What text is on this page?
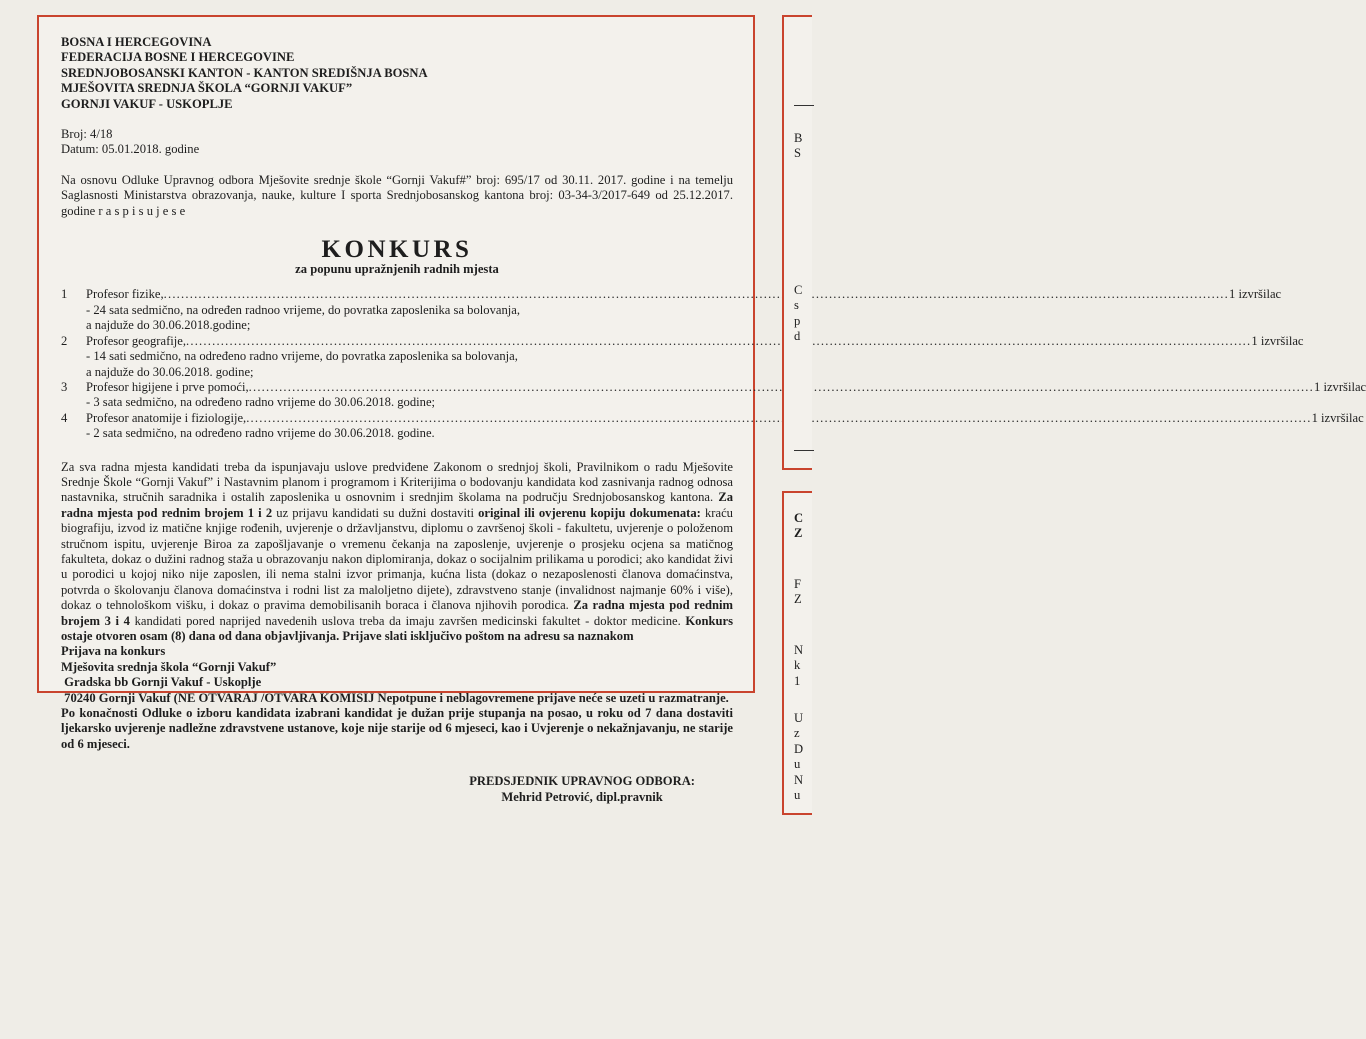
BOSNA I HERCEGOVINA

FEDERACIJA BOSNE I HERCEGOVINE

SREDNJOBOSANSKI KANTON - KANTON SREDIŠNJA BOSNA

MJEŠOVITA SREDNJA ŠKOLA “GORNJI VAKUF”

GORNJI VAKUF - USKOPLJE

Broj: 4/18
Datum: 05.01.2018. godine
Na osnovu Odluke Upravnog odbora Mješovite srednje škole “Gornji Vakuf#” broj: 695/17 od 30.11. 2017. godine i na temelju Saglasnosti Ministarstva obrazovanja, nauke, kulture I sporta Srednjobosanskog kantona broj: 03-34-3/2017-649 od 25.12.2017. godine r a s p i s u j e s e
KONKURS
za popunu upražnjenih radnih mjesta
1 Profesor fizike, .....	1 izvršilac
- 24 sata sedmično, na određen radnoo vrijeme, do povratka zaposlenika sa bolovanja,
a najduže do 30.06.2018.godine;
2 Profesor geografije, .....	1 izvršilac
- 14 sati sedmično, na određeno radno vrijeme, do povratka zaposlenika sa bolovanja,
a najduže do 30.06.2018. godine;
3 Profesor higijene i prve pomoći, .....	1 izvršilac
- 3 sata sedmično, na određeno radno vrijeme do 30.06.2018. godine;
4 Profesor anatomije i fiziologije, .....	1 izvršilac
- 2 sata sedmično, na određeno radno vrijeme do 30.06.2018. godine.
Za sva radna mjesta kandidati treba da ispunjavaju uslove predviđene Zakonom o srednjoj školi, Pravilnikom o radu Mješovite Srednje Škole “Gornji Vakuf” i Nastavnim planom i programom i Kriterijima o bodovanju kandidata kod zasnivanja radnog odnosa nastavnika, stručnih saradnika i ostalih zaposlenika u osnovnim i srednjim školama na području Srednjobosanskog kantona. Za radna mjesta pod rednim brojem 1 i 2 uz prijavu kandidati su dužni dostaviti original ili ovjerenu kopiju dokumenata: kraću biografiju, izvod iz matične knjige rođenih, uvjerenje o državljanstvu, diplomu o završenoj školi - fakultetu, uvjerenje o položenom stručnom ispitu, uvjerenje Biroa za zapošljavanje o vremenu čekanja na zaposlenje, uvjerenje o prosjeku ocjena sa matičnog fakulteta, dokaz o dužini radnog staža u obrazovanju nakon diplomiranja, dokaz o socijalnim prilikama u porodici; ako kandidat živi u porodici u kojoj niko nije zaposlen, ili nema stalni izvor primanja, kućna lista (dokaz o nezaposlenosti članova domaćinstva, potvrda o školovanju članova domaćinstva i rodni list za maloljetno dijete), zdravstveno stanje (invalidnost najmanje 60% i više), dokaz o tehnološkom višku, i dokaz o pravima demobilisanih boraca i članova njihovih porodica. Za radna mjesta pod rednim brojem 3 i 4 kandidati pored naprijed navedenih uslova treba da imaju završen medicinski fakultet - doktor medicine. Konkurs ostaje otvoren osam (8) dana od dana objavljivanja. Prijave slati isključivo poštom na adresu sa naznakom
Prijava na konkurs
Mješovita srednja škola “Gornji Vakuf”
Gradska bb Gornji Vakuf - Uskoplje
70240 Gornji Vakuf (NE OTVARAJ /OTVARA KOMISIJ Nepotpune i neblagovremene prijave neće se uzeti u razmatranje.
Po konačnosti Odluke o izboru kandidata izabrani kandidat je dužan prije stupanja na posao, u roku od 7 dana dostaviti ljekarsko uvjerenje nadležne zdravstvene ustanove, koje nije starije od 6 mjeseci, kao i Uvjerenje o nekažnjavanju, ne starije od 6 mjeseci.
PREDSJEDNIK UPRAVNOG ODBORA:
Mehrid Petrović, dipl.pravnik
B
S
C
s
p
d
C
Z
F
Z
N
k
1
U
z
D
u
N
u
